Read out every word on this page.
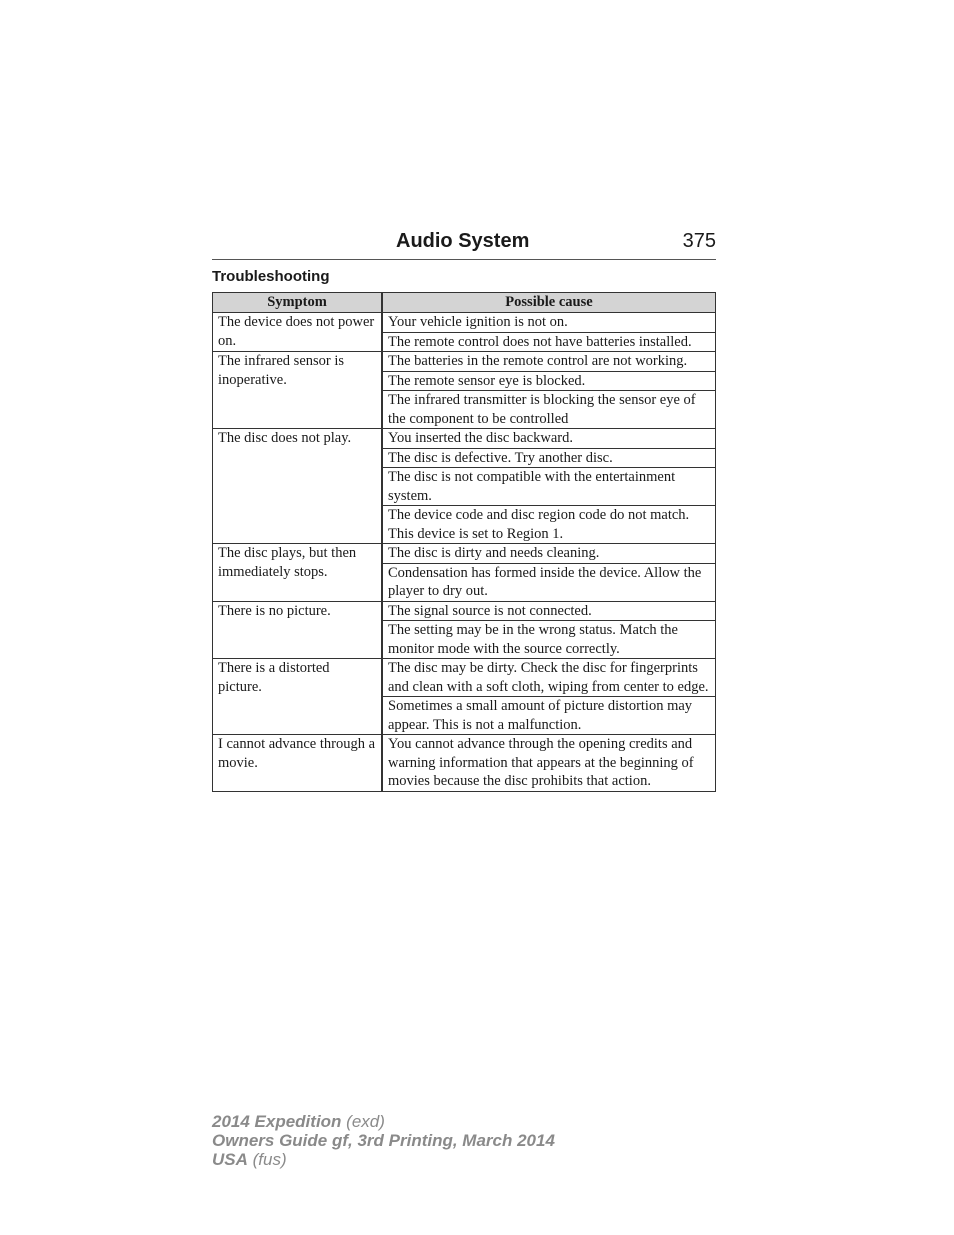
Audio System	375
Troubleshooting
Symptom	Possible cause
The device does not power on.	Your vehicle ignition is not on.
	The remote control does not have batteries installed.
The infrared sensor is inoperative.	The batteries in the remote control are not working.
	The remote sensor eye is blocked.
	The infrared transmitter is blocking the sensor eye of the component to be controlled
The disc does not play.	You inserted the disc backward.
	The disc is defective. Try another disc.
	The disc is not compatible with the entertainment system.
	The device code and disc region code do not match. This device is set to Region 1.
The disc plays, but then immediately stops.	The disc is dirty and needs cleaning.
	Condensation has formed inside the device. Allow the player to dry out.
There is no picture.	The signal source is not connected.
	The setting may be in the wrong status. Match the monitor mode with the source correctly.
There is a distorted picture.	The disc may be dirty. Check the disc for fingerprints and clean with a soft cloth, wiping from center to edge.
	Sometimes a small amount of picture distortion may appear. This is not a malfunction.
I cannot advance through a movie.	You cannot advance through the opening credits and warning information that appears at the beginning of movies because the disc prohibits that action.
2014 Expedition (exd)
Owners Guide gf, 3rd Printing, March 2014
USA (fus)
